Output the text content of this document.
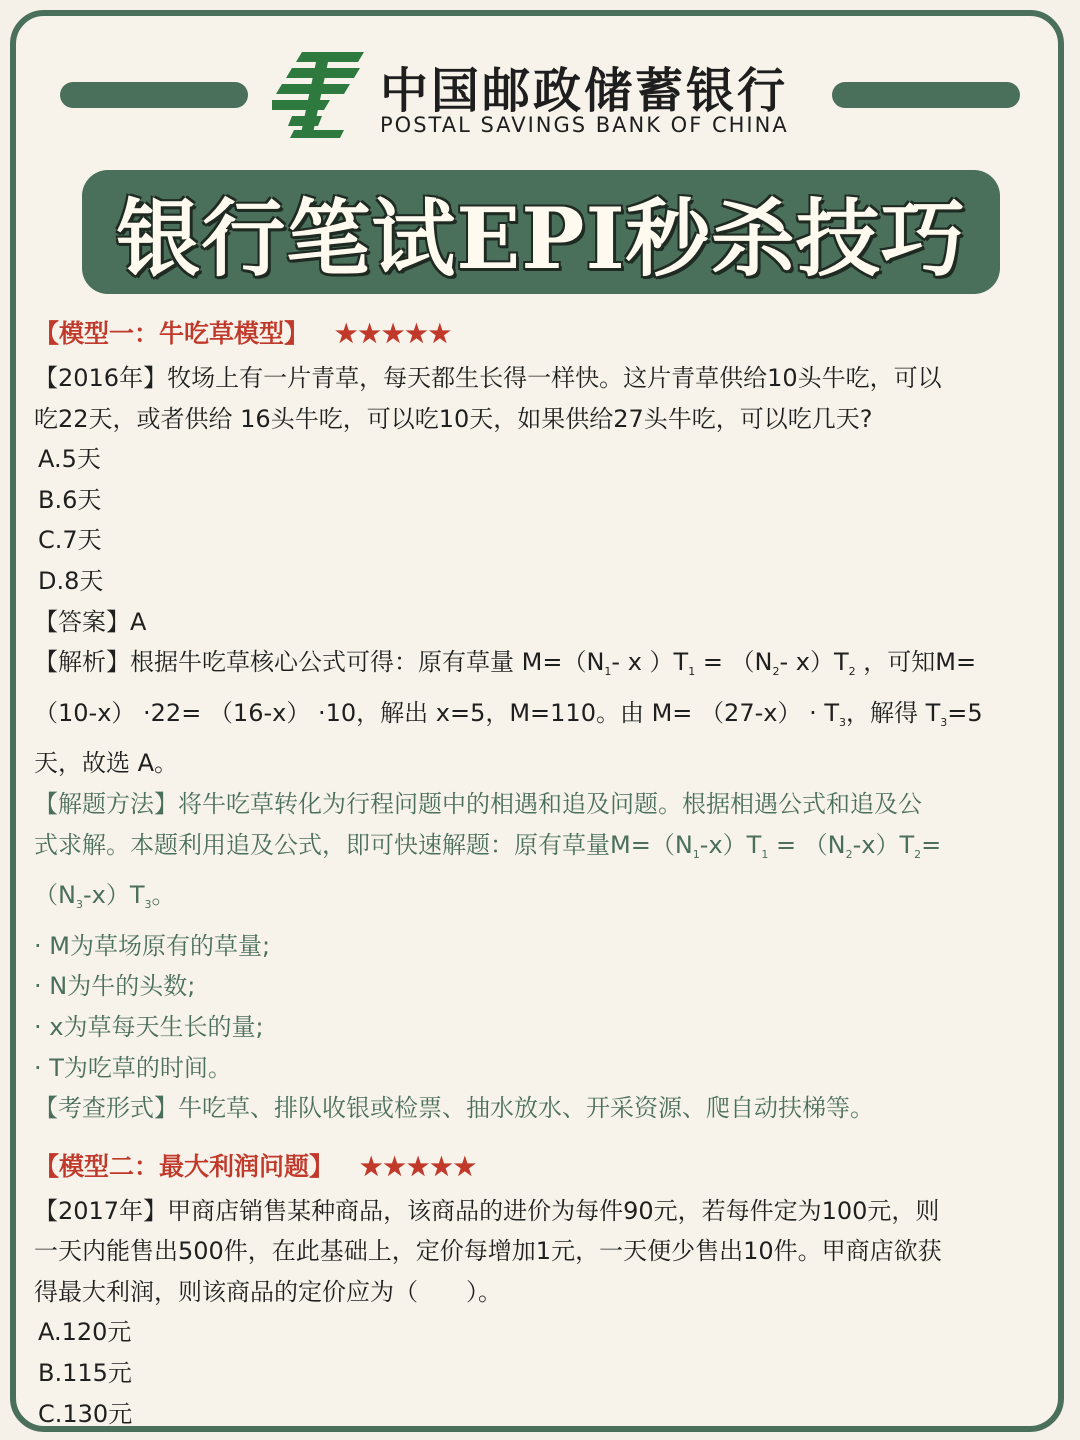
中国邮政储蓄银行
POSTAL SAVINGS BANK OF CHINA
银行笔试EPI秒杀技巧
【模型一：牛吃草模型】 ★★★★★
【2016年】牧场上有一片青草，每天都生长得一样快。这片青草供给10头牛吃，可以
吃22天，或者供给 16头牛吃，可以吃10天，如果供给27头牛吃，可以吃几天?
A.5天
B.6天
C.7天
D.8天
【答案】A
【解析】根据牛吃草核心公式可得：原有草量 $M=(N_1-$ x ）$T_1 = (N_2-$ $x)T_2$ ，可知M=
（10-x） ·22= （16-x） ·10，解出 x=5，M=110。由 $M= (27-x) \cdot T_3$，解得 $T_3=5$
天，故选 A。
【解题方法】将牛吃草转化为行程问题中的相遇和追及问题。根据相遇公式和追及公
式求解。本题利用追及公式，即可快速解题：原有草量$M=(N_1-x)T_1 = (N_2-x)T_2=$
$(N_3-x)T_3$。
· M为草场原有的草量;
· N为牛的头数;
· x为草每天生长的量;
· T为吃草的时间。
【考查形式】牛吃草、排队收银或检票、抽水放水、开采资源、爬自动扶梯等。
【模型二：最大利润问题】 ★★★★★
【2017年】甲商店销售某种商品，该商品的进价为每件90元，若每件定为100元，则
一天内能售出500件，在此基础上，定价每增加1元，一天便少售出10件。甲商店欲获
得最大利润，则该商品的定价应为（　　）。
A.120元
B.115元
C.130元
